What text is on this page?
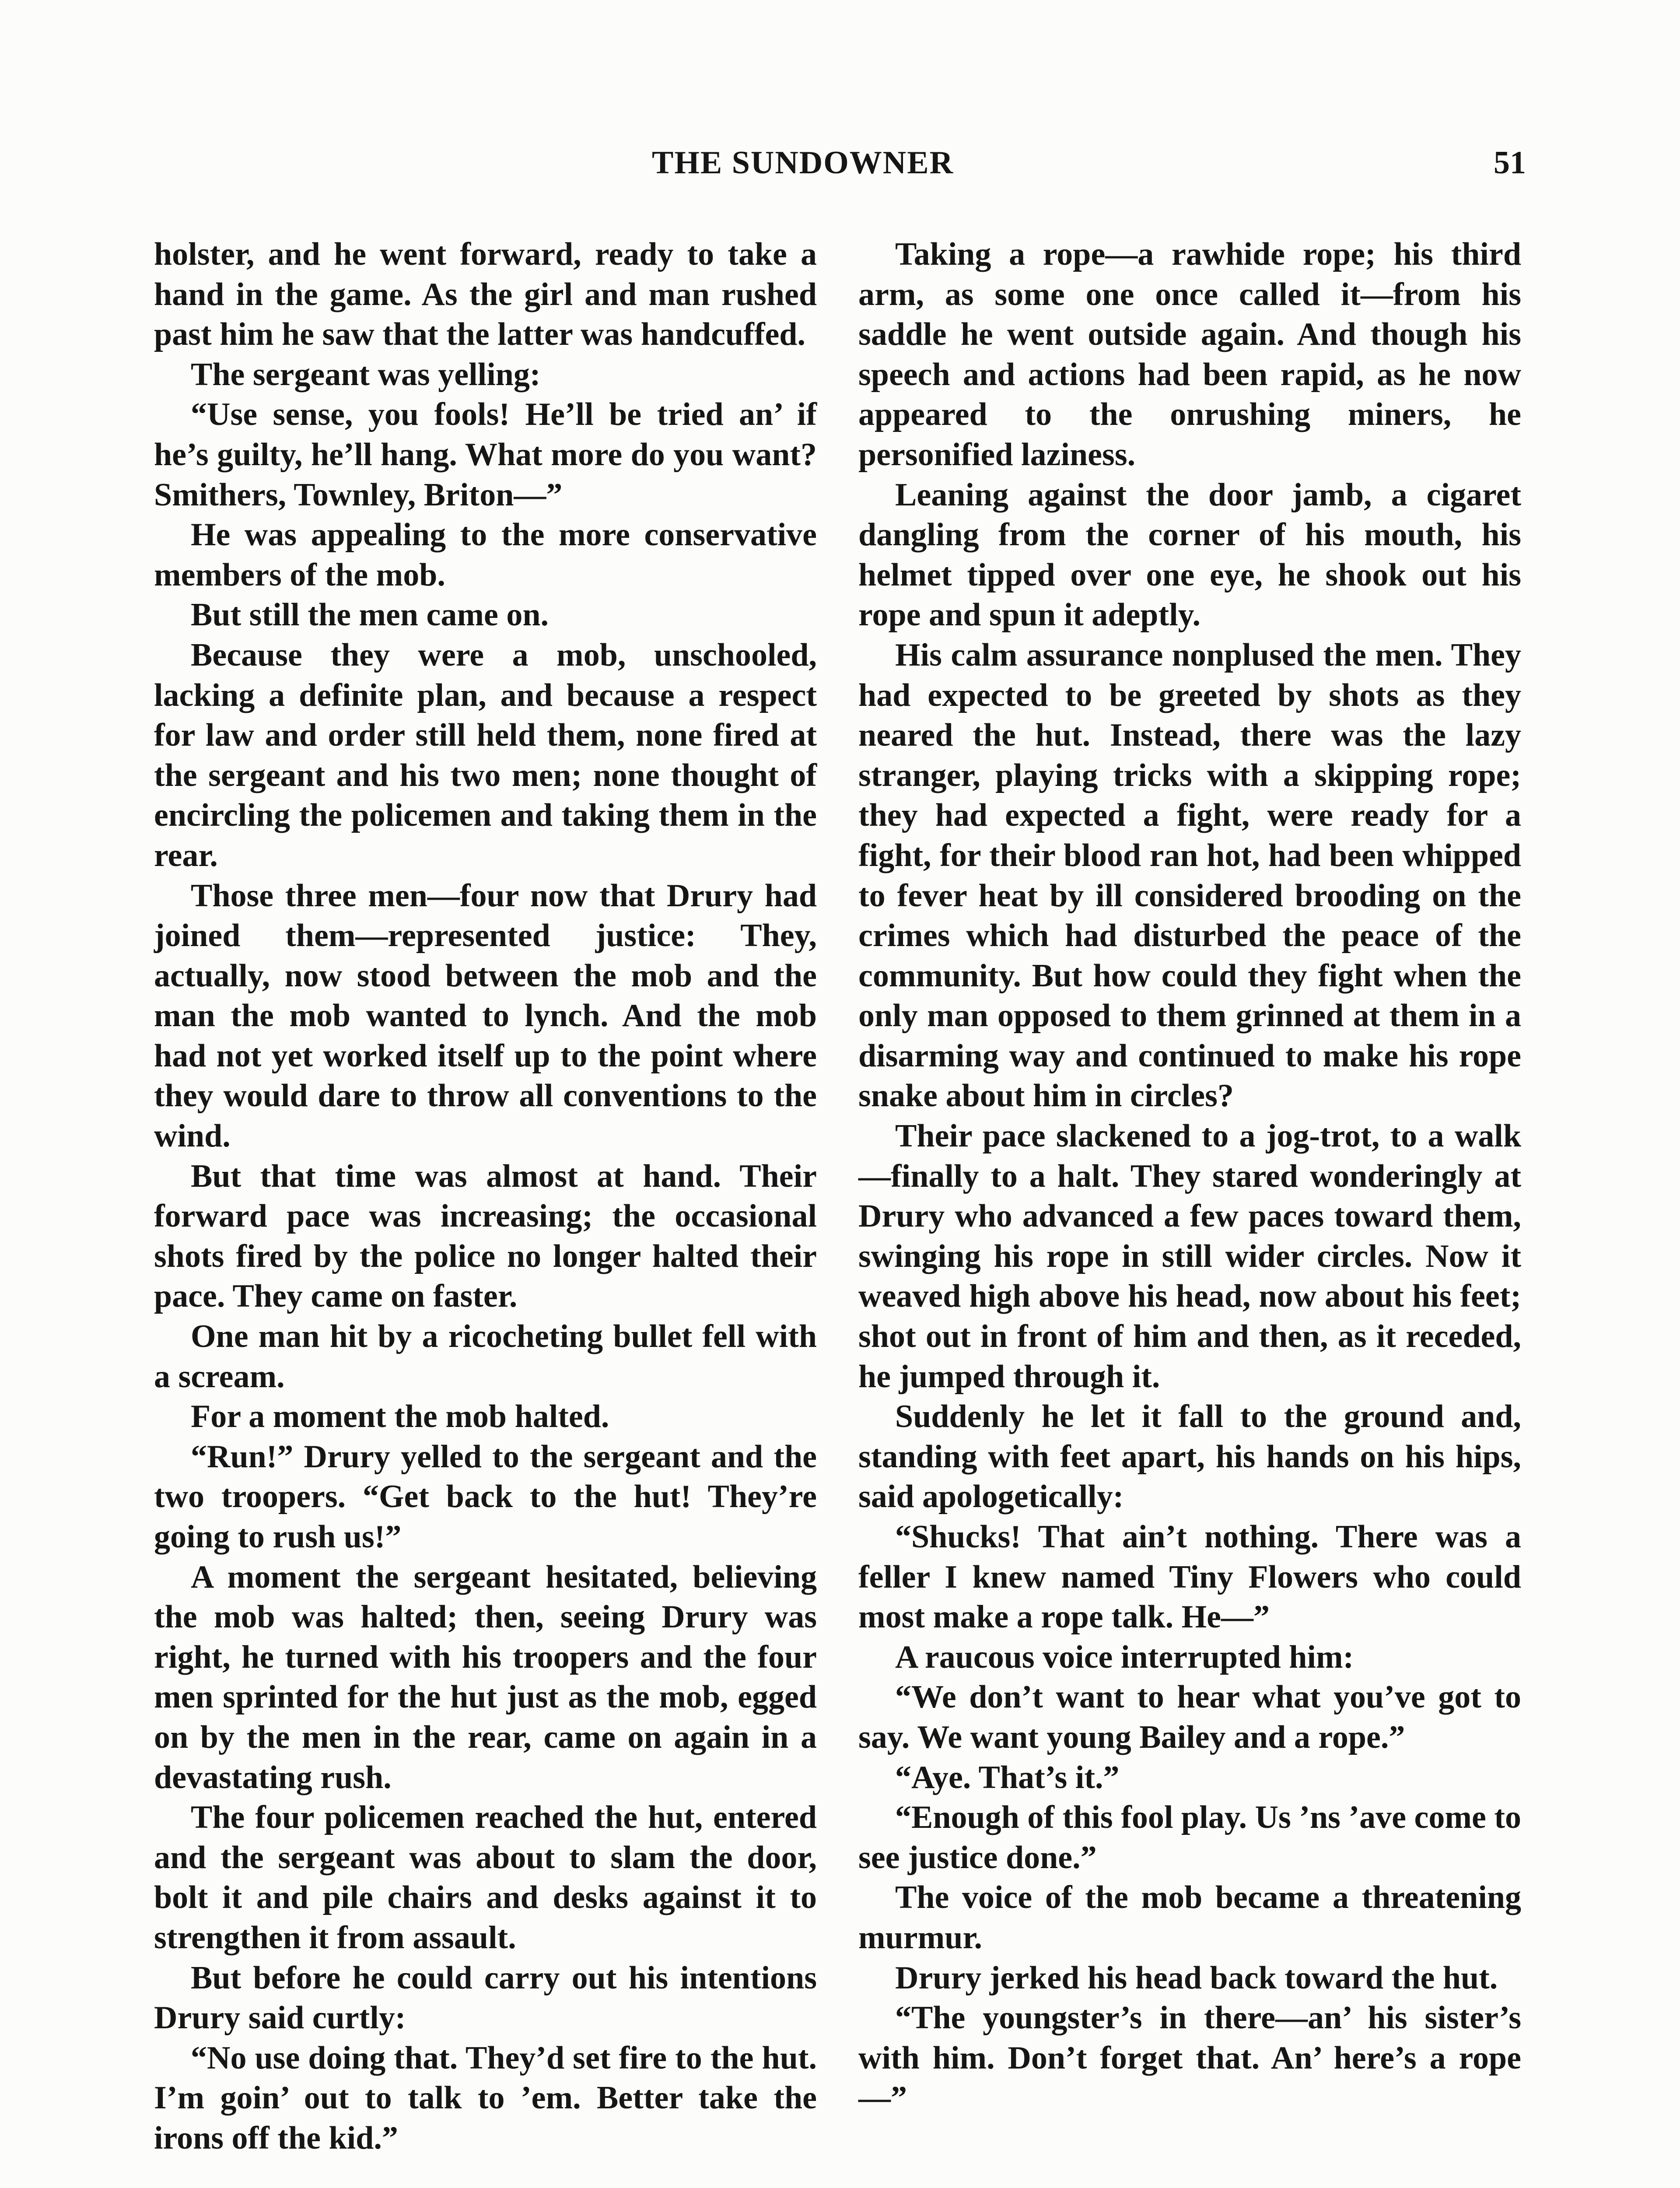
THE SUNDOWNER	51

holster, and he went forward, ready to take a hand in the game. As the girl and man rushed past him he saw that the latter was handcuffed.

The sergeant was yelling:

“Use sense, you fools! He’ll be tried an’ if he’s guilty, he’ll hang. What more do you want? Smithers, Townley, Briton—”

He was appealing to the more conservative members of the mob.

But still the men came on.

Because they were a mob, unschooled, lacking a definite plan, and because a respect for law and order still held them, none fired at the sergeant and his two men; none thought of encircling the policemen and taking them in the rear.

Those three men—four now that Drury had joined them—represented justice: They, actually, now stood between the mob and the man the mob wanted to lynch. And the mob had not yet worked itself up to the point where they would dare to throw all conventions to the wind.

But that time was almost at hand. Their forward pace was increasing; the occasional shots fired by the police no longer halted their pace. They came on faster.

One man hit by a ricocheting bullet fell with a scream.

For a moment the mob halted.

“Run!” Drury yelled to the sergeant and the two troopers. “Get back to the hut! They’re going to rush us!”

A moment the sergeant hesitated, believing the mob was halted; then, seeing Drury was right, he turned with his troopers and the four men sprinted for the hut just as the mob, egged on by the men in the rear, came on again in a devastating rush.

The four policemen reached the hut, entered and the sergeant was about to slam the door, bolt it and pile chairs and desks against it to strengthen it from assault.

But before he could carry out his intentions Drury said curtly:

“No use doing that. They’d set fire to the hut. I’m goin’ out to talk to ’em. Better take the irons off the kid.”

Taking a rope—a rawhide rope; his third arm, as some one once called it—from his saddle he went outside again. And though his speech and actions had been rapid, as he now appeared to the onrushing miners, he personified laziness.

Leaning against the door jamb, a cigaret dangling from the corner of his mouth, his helmet tipped over one eye, he shook out his rope and spun it adeptly.

His calm assurance nonplused the men. They had expected to be greeted by shots as they neared the hut. Instead, there was the lazy stranger, playing tricks with a skipping rope; they had expected a fight, were ready for a fight, for their blood ran hot, had been whipped to fever heat by ill considered brooding on the crimes which had disturbed the peace of the community. But how could they fight when the only man opposed to them grinned at them in a disarming way and continued to make his rope snake about him in circles?

Their pace slackened to a jog-trot, to a walk—finally to a halt. They stared wonderingly at Drury who advanced a few paces toward them, swinging his rope in still wider circles. Now it weaved high above his head, now about his feet; shot out in front of him and then, as it receded, he jumped through it.

Suddenly he let it fall to the ground and, standing with feet apart, his hands on his hips, said apologetically:

“Shucks! That ain’t nothing. There was a feller I knew named Tiny Flowers who could most make a rope talk. He—”

A raucous voice interrupted him:

“We don’t want to hear what you’ve got to say. We want young Bailey and a rope.”

“Aye. That’s it.”

“Enough of this fool play. Us ’ns ’ave come to see justice done.”

The voice of the mob became a threatening murmur.

Drury jerked his head back toward the hut.

“The youngster’s in there—an’ his sister’s with him. Don’t forget that. An’ here’s a rope—”
